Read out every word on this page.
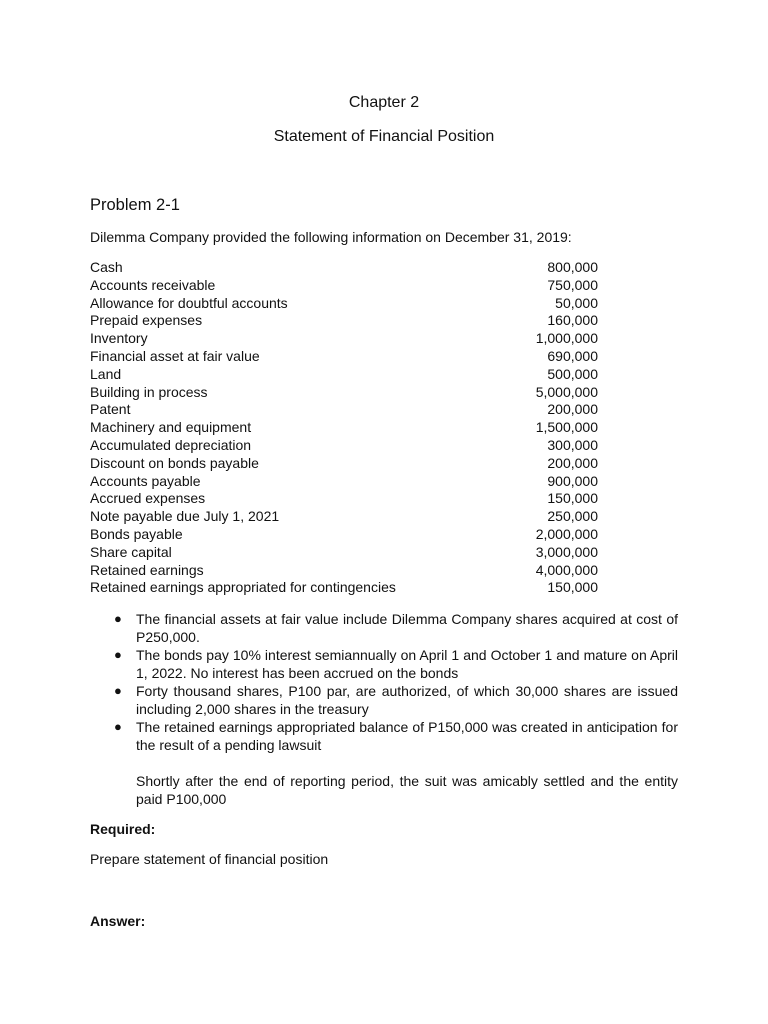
Chapter 2
Statement of Financial Position
Problem 2-1
Dilemma Company provided the following information on December 31, 2019:
Cash	800,000
Accounts receivable	750,000
Allowance for doubtful accounts	50,000
Prepaid expenses	160,000
Inventory	1,000,000
Financial asset at fair value	690,000
Land	500,000
Building in process	5,000,000
Patent	200,000
Machinery and equipment	1,500,000
Accumulated depreciation	300,000
Discount on bonds payable	200,000
Accounts payable	900,000
Accrued expenses	150,000
Note payable due July 1, 2021	250,000
Bonds payable	2,000,000
Share capital	3,000,000
Retained earnings	4,000,000
Retained earnings appropriated for contingencies	150,000
● The financial assets at fair value include Dilemma Company shares acquired at cost of P250,000.
● The bonds pay 10% interest semiannually on April 1 and October 1 and mature on April 1, 2022. No interest has been accrued on the bonds
● Forty thousand shares, P100 par, are authorized, of which 30,000 shares are issued including 2,000 shares in the treasury
● The retained earnings appropriated balance of P150,000 was created in anticipation for the result of a pending lawsuit
Shortly after the end of reporting period, the suit was amicably settled and the entity paid P100,000
Required:
Prepare statement of financial position
Answer:
